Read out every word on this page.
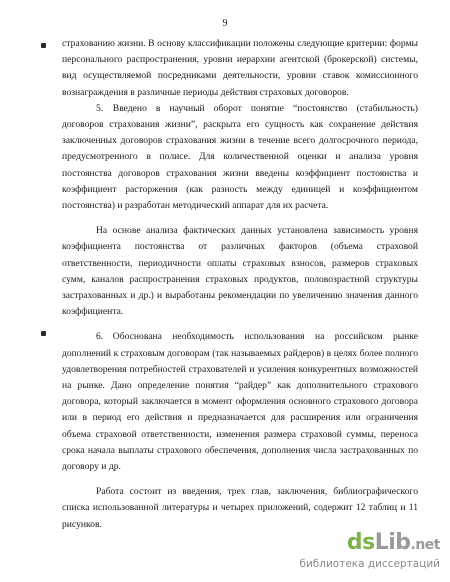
9

страхованию жизни. В основу классификации положены следующие критерии: формы персонального распространения, уровни иерархии агентской (брокерской) системы, вид осуществляемой посредниками деятельности, уровни ставок комиссионного вознаграждения в различные периоды действия страховых договоров.

5. Введено в научный оборот понятие “постоянство (стабильность) договоров страхования жизни”, раскрыта его сущность как сохранение действия заключенных договоров страхования жизни в течение всего долгосрочного периода, предусмотренного в полисе. Для количественной оценки и анализа уровня постоянства договоров страхования жизни введены коэффициент постоянства и коэффициент расторжения (как разность между единицей и коэффициентом постоянства) и разработан методический аппарат для их расчета.

На основе анализа фактических данных установлена зависимость уровня коэффициента постоянства от различных факторов (объема страховой ответственности, периодичности оплаты страховых взносов, размеров страховых сумм, каналов распространения страховых продуктов, половозрастной структуры застрахованных и др.) и выработаны рекомендации по увеличению значения данного коэффициента.

6. Обоснована необходимость использования на российском рынке дополнений к страховым договорам (так называемых райдеров) в целях более полного удовлетворения потребностей страхователей и усиления конкурентных возможностей на рынке. Дано определение понятия “райдер” как дополнительного страхового договора, который заключается в момент оформления основного страхового договора или в период его действия и предназначается для расширения или ограничения объема страховой ответственности, изменения размера страховой суммы, переноса срока начала выплаты страхового обеспечения, дополнения числа застрахованных по договору и др.

Работа состоит из введения, трех глав, заключения, библиографического списка использованной литературы и четырех приложений, содержит 12 таблиц и 11 рисунков.

dsLib.net
библиотека диссертаций
